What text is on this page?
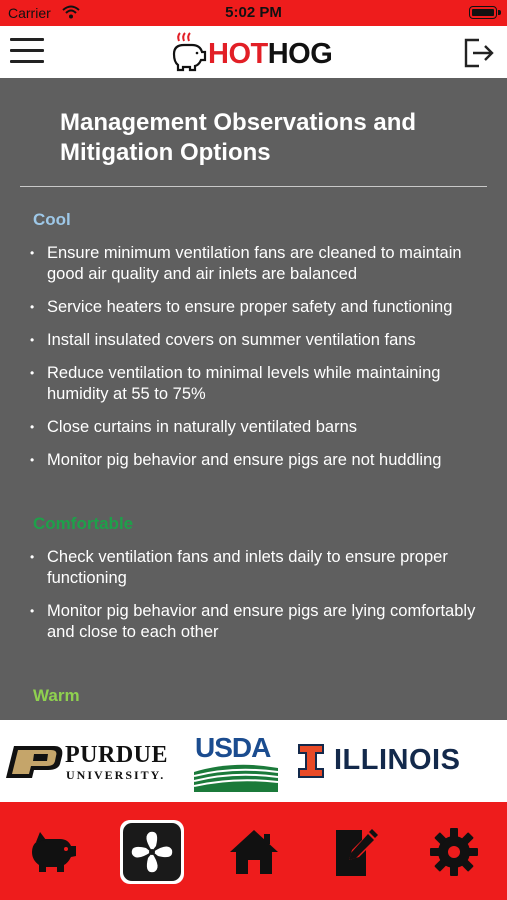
Carrier	5:02 PM
HOTHOG
Management Observations and Mitigation Options
Cool
• Ensure minimum ventilation fans are cleaned to maintain good air quality and air inlets are balanced
• Service heaters to ensure proper safety and functioning
• Install insulated covers on summer ventilation fans
• Reduce ventilation to minimal levels while maintaining humidity at 55 to 75%
• Close curtains in naturally ventilated barns
• Monitor pig behavior and ensure pigs are not huddling
Comfortable
• Check ventilation fans and inlets daily to ensure proper functioning
• Monitor pig behavior and ensure pigs are lying comfortably and close to each other
Warm
PURDUE
UNIVERSITY.
USDA ILLINOIS
